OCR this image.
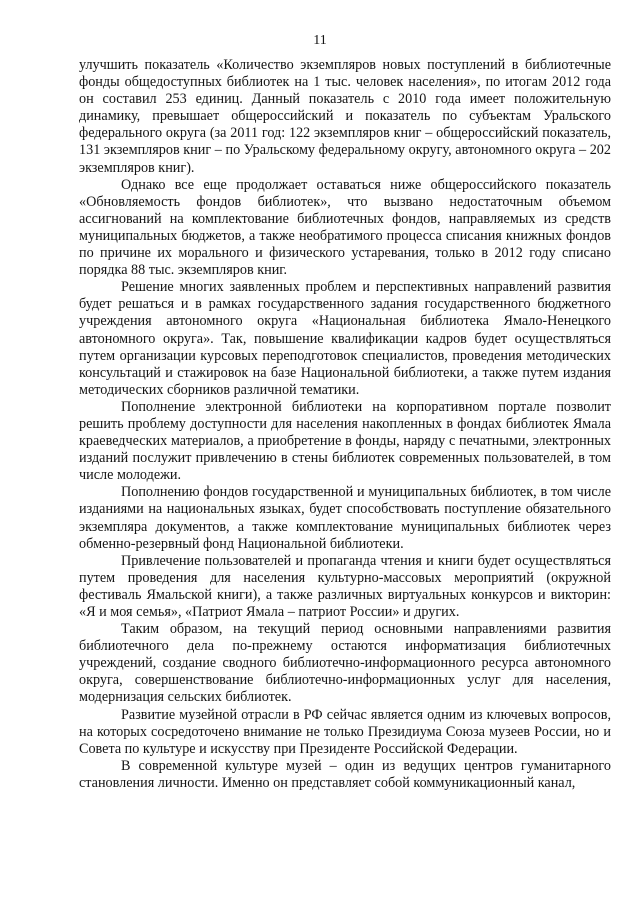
11

улучшить показатель «Количество экземпляров новых поступлений в библиотечные фонды общедоступных библиотек на 1 тыс. человек населения», по итогам 2012 года он составил 253 единиц. Данный показатель с 2010 года имеет положительную динамику, превышает общероссийский и показатель по субъектам Уральского федерального округа (за 2011 год: 122 экземпляров книг – общероссийский показатель, 131 экземпляров книг – по Уральскому федеральному округу, автономного округа – 202 экземпляров книг).

Однако все еще продолжает оставаться ниже общероссийского показатель «Обновляемость фондов библиотек», что вызвано недостаточным объемом ассигнований на комплектование библиотечных фондов, направляемых из средств муниципальных бюджетов, а также необратимого процесса списания книжных фондов по причине их морального и физического устаревания, только в 2012 году списано порядка 88 тыс. экземпляров книг.

Решение многих заявленных проблем и перспективных направлений развития будет решаться и в рамках государственного задания государственного бюджетного учреждения автономного округа «Национальная библиотека Ямало-Ненецкого автономного округа». Так, повышение квалификации кадров будет осуществляться путем организации курсовых переподготовок специалистов, проведения методических консультаций и стажировок на базе Национальной библиотеки, а также путем издания методических сборников различной тематики.

Пополнение электронной библиотеки на корпоративном портале позволит решить проблему доступности для населения накопленных в фондах библиотек Ямала краеведческих материалов, а приобретение в фонды, наряду с печатными, электронных изданий послужит привлечению в стены библиотек современных пользователей, в том числе молодежи.

Пополнению фондов государственной и муниципальных библиотек, в том числе изданиями на национальных языках, будет способствовать поступление обязательного экземпляра документов, а также комплектование муниципальных библиотек через обменно-резервный фонд Национальной библиотеки.

Привлечение пользователей и пропаганда чтения и книги будет осуществляться путем проведения для населения культурно-массовых мероприятий (окружной фестиваль Ямальской книги), а также различных виртуальных конкурсов и викторин: «Я и моя семья», «Патриот Ямала – патриот России» и других.

Таким образом, на текущий период основными направлениями развития библиотечного дела по-прежнему остаются информатизация библиотечных учреждений, создание сводного библиотечно-информационного ресурса автономного округа, совершенствование библиотечно-информационных услуг для населения, модернизация сельских библиотек.

Развитие музейной отрасли в РФ сейчас является одним из ключевых вопросов, на которых сосредоточено внимание не только Президиума Союза музеев России, но и Совета по культуре и искусству при Президенте Российской Федерации.

В современной культуре музей – один из ведущих центров гуманитарного становления личности. Именно он представляет собой коммуникационный канал,
